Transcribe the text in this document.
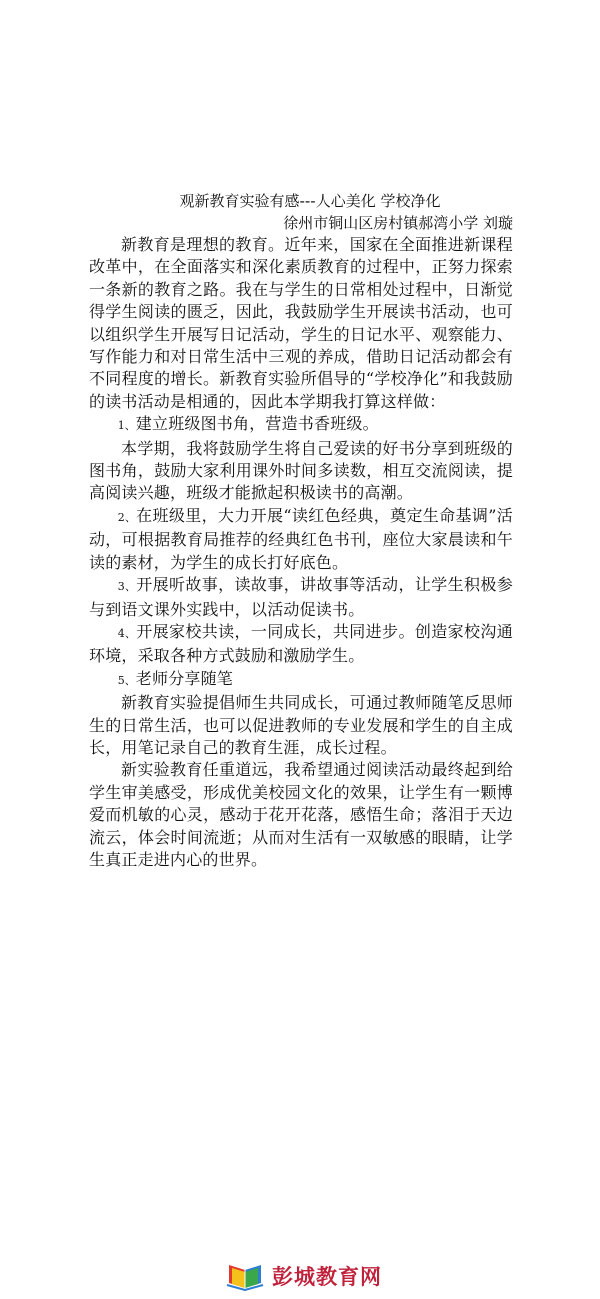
观新教育实验有感---人心美化 学校净化

徐州市铜山区房村镇郝湾小学 刘璇

新教育是理想的教育。近年来，国家在全面推进新课程改革中，在全面落实和深化素质教育的过程中，正努力探索一条新的教育之路。我在与学生的日常相处过程中，日渐觉得学生阅读的匮乏，因此，我鼓励学生开展读书活动，也可以组织学生开展写日记活动，学生的日记水平、观察能力、写作能力和对日常生活中三观的养成，借助日记活动都会有不同程度的增长。新教育实验所倡导的“学校净化”和我鼓励的读书活动是相通的，因此本学期我打算这样做：

1、建立班级图书角，营造书香班级。

本学期，我将鼓励学生将自己爱读的好书分享到班级的图书角，鼓励大家利用课外时间多读数，相互交流阅读，提高阅读兴趣，班级才能掀起积极读书的高潮。

2、在班级里，大力开展“读红色经典，奠定生命基调”活动，可根据教育局推荐的经典红色书刊，座位大家晨读和午读的素材，为学生的成长打好底色。

3、开展听故事，读故事，讲故事等活动，让学生积极参与到语文课外实践中，以活动促读书。

4、开展家校共读，一同成长，共同进步。创造家校沟通环境，采取各种方式鼓励和激励学生。

5、老师分享随笔

新教育实验提倡师生共同成长，可通过教师随笔反思师生的日常生活，也可以促进教师的专业发展和学生的自主成长，用笔记录自己的教育生涯，成长过程。

新实验教育任重道远，我希望通过阅读活动最终起到给学生审美感受，形成优美校园文化的效果，让学生有一颗博爱而机敏的心灵，感动于花开花落，感悟生命；落泪于天边流云，体会时间流逝；从而对生活有一双敏感的眼睛，让学生真正走进内心的世界。

彭城教育网
